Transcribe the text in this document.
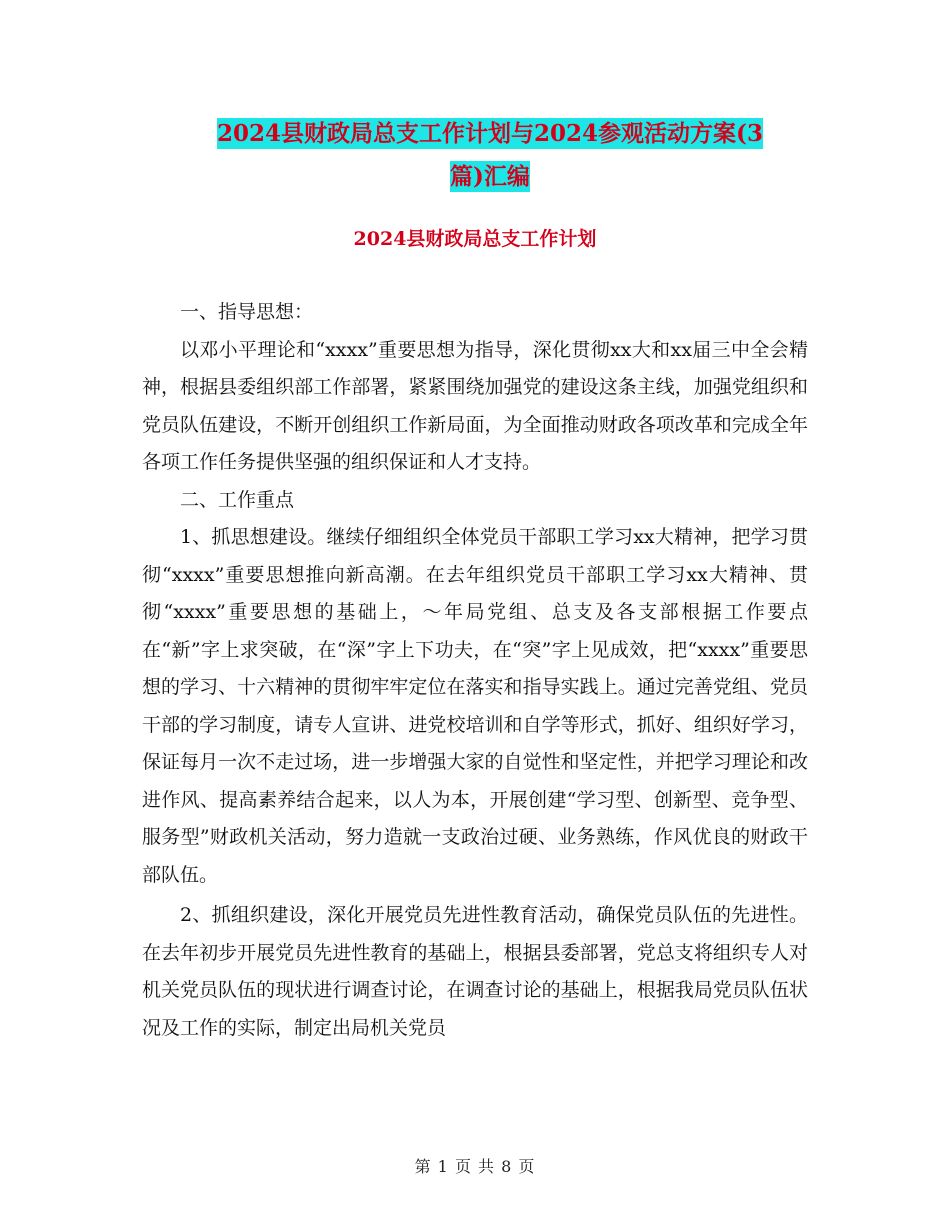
2024县财政局总支工作计划与2024参观活动方案(3
篇)汇编
2024县财政局总支工作计划

一、指导思想：

以邓小平理论和“xxxx”重要思想为指导，深化贯彻xx大和xx届三中全会精神，根据县委组织部工作部署，紧紧围绕加强党的建设这条主线，加强党组织和党员队伍建设，不断开创组织工作新局面，为全面推动财政各项改革和完成全年各项工作任务提供坚强的组织保证和人才支持。

二、工作重点

1、抓思想建设。继续仔细组织全体党员干部职工学习xx大精神，把学习贯彻“xxxx”重要思想推向新高潮。在去年组织党员干部职工学习xx大精神、贯彻“xxxx”重要思想的基础上，～年局党组、总支及各支部根据工作要点在“新”字上求突破，在“深”字上下功夫，在“突”字上见成效，把“xxxx”重要思想的学习、十六精神的贯彻牢牢定位在落实和指导实践上。通过完善党组、党员干部的学习制度，请专人宣讲、进党校培训和自学等形式，抓好、组织好学习，保证每月一次不走过场，进一步增强大家的自觉性和坚定性，并把学习理论和改进作风、提高素养结合起来，以人为本，开展创建“学习型、创新型、竞争型、服务型”财政机关活动，努力造就一支政治过硬、业务熟练，作风优良的财政干部队伍。

2、抓组织建设，深化开展党员先进性教育活动，确保党员队伍的先进性。在去年初步开展党员先进性教育的基础上，根据县委部署，党总支将组织专人对机关党员队伍的现状进行调查讨论，在调查讨论的基础上，根据我局党员队伍状况及工作的实际，制定出局机关党员

第 1 页 共 8 页
